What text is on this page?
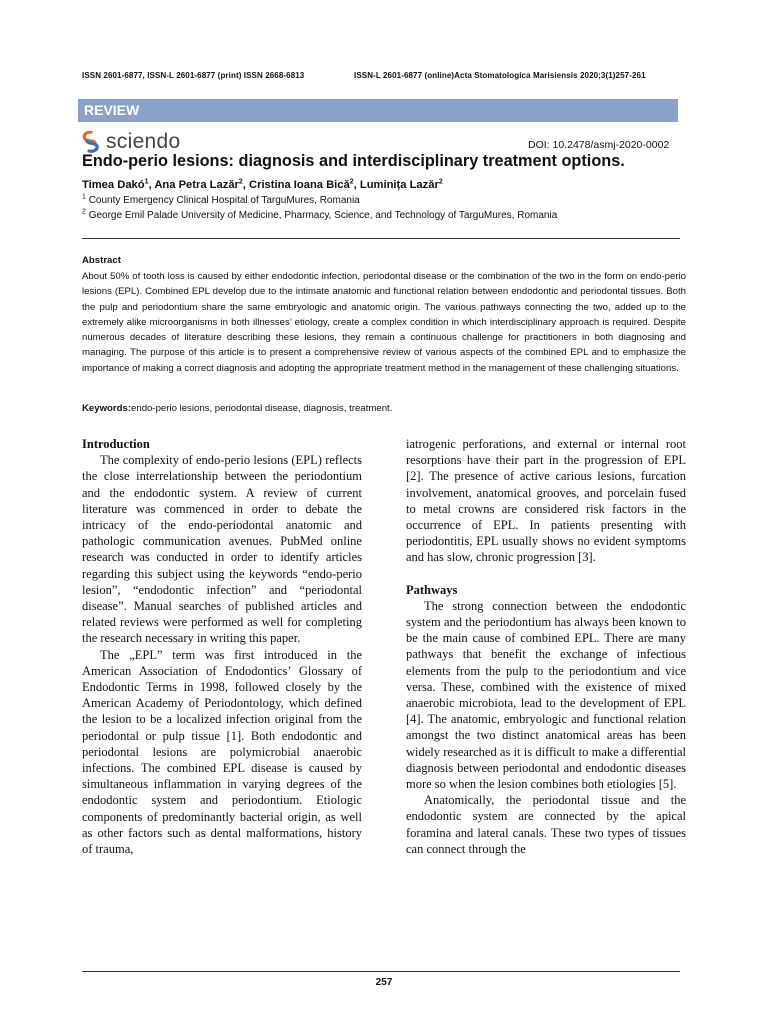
ISSN 2601-6877, ISSN-L 2601-6877 (print) ISSN 2668-6813	ISSN-L 2601-6877 (online)Acta Stomatologica Marisiensis 2020;3(1)257-261
REVIEW
sciendo	DOI: 10.2478/asmj-2020-0002
Endo-perio lesions: diagnosis and interdisciplinary treatment options.
Timea Dakó$^1$, Ana Petra Lazăr$^2$, Cristina Ioana Bică$^2$, Luminița Lazăr$^2$
$^1$ County Emergency Clinical Hospital of TarguMures, Romania
$^2$ George Emil Palade University of Medicine, Pharmacy, Science, and Technology of TarguMures, Romania
Abstract
About 50% of tooth loss is caused by either endodontic infection, periodontal disease or the combination of the two in the form on endo-perio lesions (EPL). Combined EPL develop due to the intimate anatomic and functional relation between endodontic and periodontal tissues. Both the pulp and periodontium share the same embryologic and anatomic origin. The various pathways connecting the two, added up to the extremely alike microorganisms in both illnesses’ etiology, create a complex condition in which interdisciplinary approach is required. Despite numerous decades of literature describing these lesions, they remain a continuous challenge for practitioners in both diagnosing and managing. The purpose of this article is to present a comprehensive review of various aspects of the combined EPL and to emphasize the importance of making a correct diagnosis and adopting the appropriate treatment method in the management of these challenging situations.
Keywords:endo-perio lesions, periodontal disease, diagnosis, treatment.
Introduction

The complexity of endo-perio lesions (EPL) reflects the close interrelationship between the periodontium and the endodontic system. A review of current literature was commenced in order to debate the intricacy of the endo-periodontal anatomic and pathologic communication avenues. PubMed online research was conducted in order to identify articles regarding this subject using the keywords “endo-perio lesion”, “endodontic infection” and “periodontal disease”. Manual searches of published articles and related reviews were performed as well for completing the research necessary in writing this paper.

The „EPL” term was first introduced in the American Association of Endodontics’ Glossary of Endodontic Terms in 1998, followed closely by the American Academy of Periodontology, which defined the lesion to be a localized infection original from the periodontal or pulp tissue [1]. Both endodontic and periodontal lesions are polymicrobial anaerobic infections. The combined EPL disease is caused by simultaneous inflammation in varying degrees of the endodontic system and periodontium. Etiologic components of predominantly bacterial origin, as well as other factors such as dental malformations, history of trauma,

iatrogenic perforations, and external or internal root resorptions have their part in the progression of EPL [2]. The presence of active carious lesions, furcation involvement, anatomical grooves, and porcelain fused to metal crowns are considered risk factors in the occurrence of EPL. In patients presenting with periodontitis, EPL usually shows no evident symptoms and has slow, chronic progression [3].

Pathways

The strong connection between the endodontic system and the periodontium has always been known to be the main cause of combined EPL. There are many pathways that benefit the exchange of infectious elements from the pulp to the periodontium and vice versa. These, combined with the existence of mixed anaerobic microbiota, lead to the development of EPL [4]. The anatomic, embryologic and functional relation amongst the two distinct anatomical areas has been widely researched as it is difficult to make a differential diagnosis between periodontal and endodontic diseases more so when the lesion combines both etiologies [5].

Anatomically, the periodontal tissue and the endodontic system are connected by the apical foramina and lateral canals. These two types of tissues can connect through the

257
